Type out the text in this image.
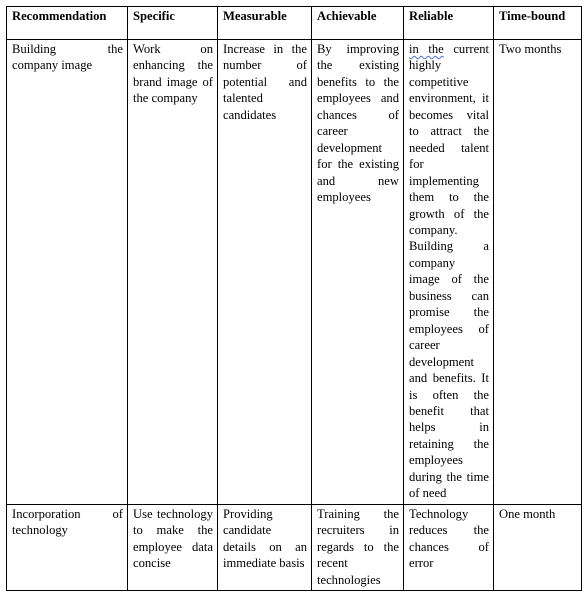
Recommendation	Specific	Measurable	Achievable	Reliable	Time-bound
Building the company image	Work on enhancing the brand image of the company	Increase in the number of potential and talented candidates	By improving the existing benefits to the employees and chances of career development for the existing and new employees	in the current highly competitive environment, it becomes vital to attract the needed talent for implementing them to the growth of the company. Building a company image of the business can promise the employees of career development and benefits. It is often the benefit that helps in retaining the employees during the time of need	Two months
Incorporation of technology	Use technology to make the employee data concise	Providing candidate details on an immediate basis	Training the recruiters in regards to the recent technologies	Technology reduces the chances of error	One month
